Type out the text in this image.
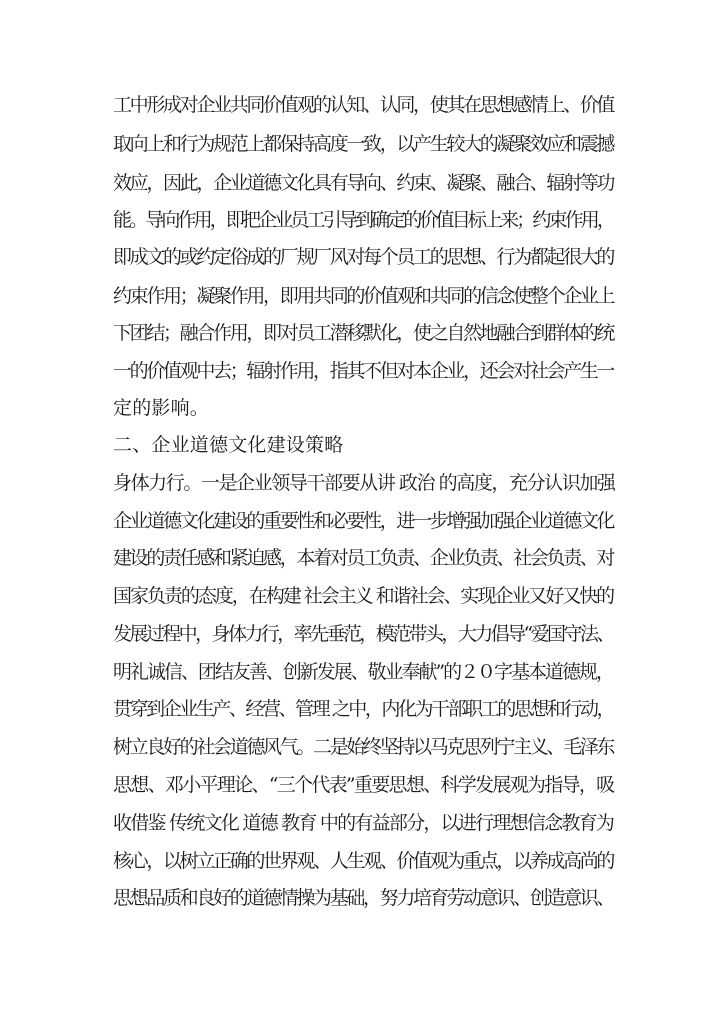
工中形成对企业共同价值观的认知、认同，使其在思想感情上、价值
取向上和行为规范上都保持高度一致，以产生较大的凝聚效应和震撼
效应，因此，企业道德文化具有导向、约束、凝聚、融合、辐射等功
能。导向作用，即把企业员工引导到确定的价值目标上来；约束作用，
即成文的或约定俗成的厂规厂风对每个员工的思想、行为都起很大的
约束作用；凝聚作用，即用共同的价值观和共同的信念使整个企业上
下团结；融合作用，即对员工潜移默化，使之自然地融合到群体的统
一的价值观中去；辐射作用，指其不但对本企业，还会对社会产生一
定的影响。
二、企业道德文化建设策略
身体力行。一是企业领导干部要从讲 政治 的高度，充分认识加强
企业道德文化建设的重要性和必要性，进一步增强加强企业道德文化
建设的责任感和紧迫感，本着对员工负责、企业负责、社会负责、对
国家负责的态度，在构建 社会主义 和谐社会、实现企业又好又快的
发展过程中，身体力行，率先垂范，模范带头，大力倡导“爱国守法、
明礼诚信、团结友善、创新发展、敬业奉献”的２０字基本道德规，
贯穿到企业生产、经营、管理 之中，内化为干部职工的思想和行动，
树立良好的社会道德风气。二是始终坚持以马克思列宁主义、毛泽东
思想、邓小平理论、“三个代表”重要思想、科学发展观为指导，吸
收借鉴 传统文化 道德 教育 中的有益部分，以进行理想信念教育为
核心，以树立正确的世界观、人生观、价值观为重点，以养成高尚的
思想品质和良好的道德情操为基础，努力培育劳动意识、创造意识、
